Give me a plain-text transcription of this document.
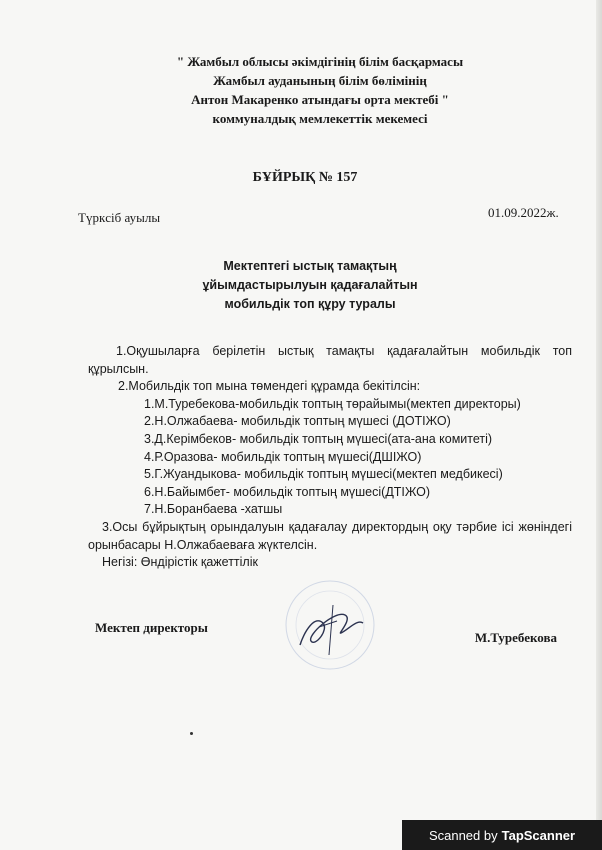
" Жамбыл облысы әкімдігінің білім басқармасы
Жамбыл ауданының білім бөлімінің
Антон Макаренко атындағы орта мектебі "
коммуналдық мемлекеттік мекемесі
БҰЙРЫҚ № 157
Түркcіб ауылы	01.09.2022ж.
Мектептегі ыстық тамақтың
ұйымдастырылуын қадағалайтын
мобильдік топ құру туралы
1.Оқушыларға берілетін ыстық тамақты қадағалайтын мобильдік топ құрылсын.
2.Мобильдік топ мына төмендегі құрамда бекітілсін:
1.М.Туребекова-мобильдік топтың төрайымы(мектеп директоры)
2.Н.Олжабаева- мобильдік топтың мүшесі (ДОТІЖО)
3.Д.Керімбеков- мобильдік топтың мүшесі(ата-ана комитеті)
4.Р.Оразова- мобильдік топтың мүшесі(ДШІЖО)
5.Г.Жуандыкова- мобильдік топтың мүшесі(мектеп медбикесі)
6.Н.Байымбет- мобильдік топтың мүшесі(ДТІЖО)
7.Н.Боранбаева -хатшы
3.Осы бұйрықтың орындалуын қадағалау директордың оқу тәрбие ісі жөніндегі орынбасары Н.Олжабаеваға жүктелсін.
Негізі: Өндірістік қажеттілік
Мектеп директоры
М.Туребекова
Scanned by TapScanner
